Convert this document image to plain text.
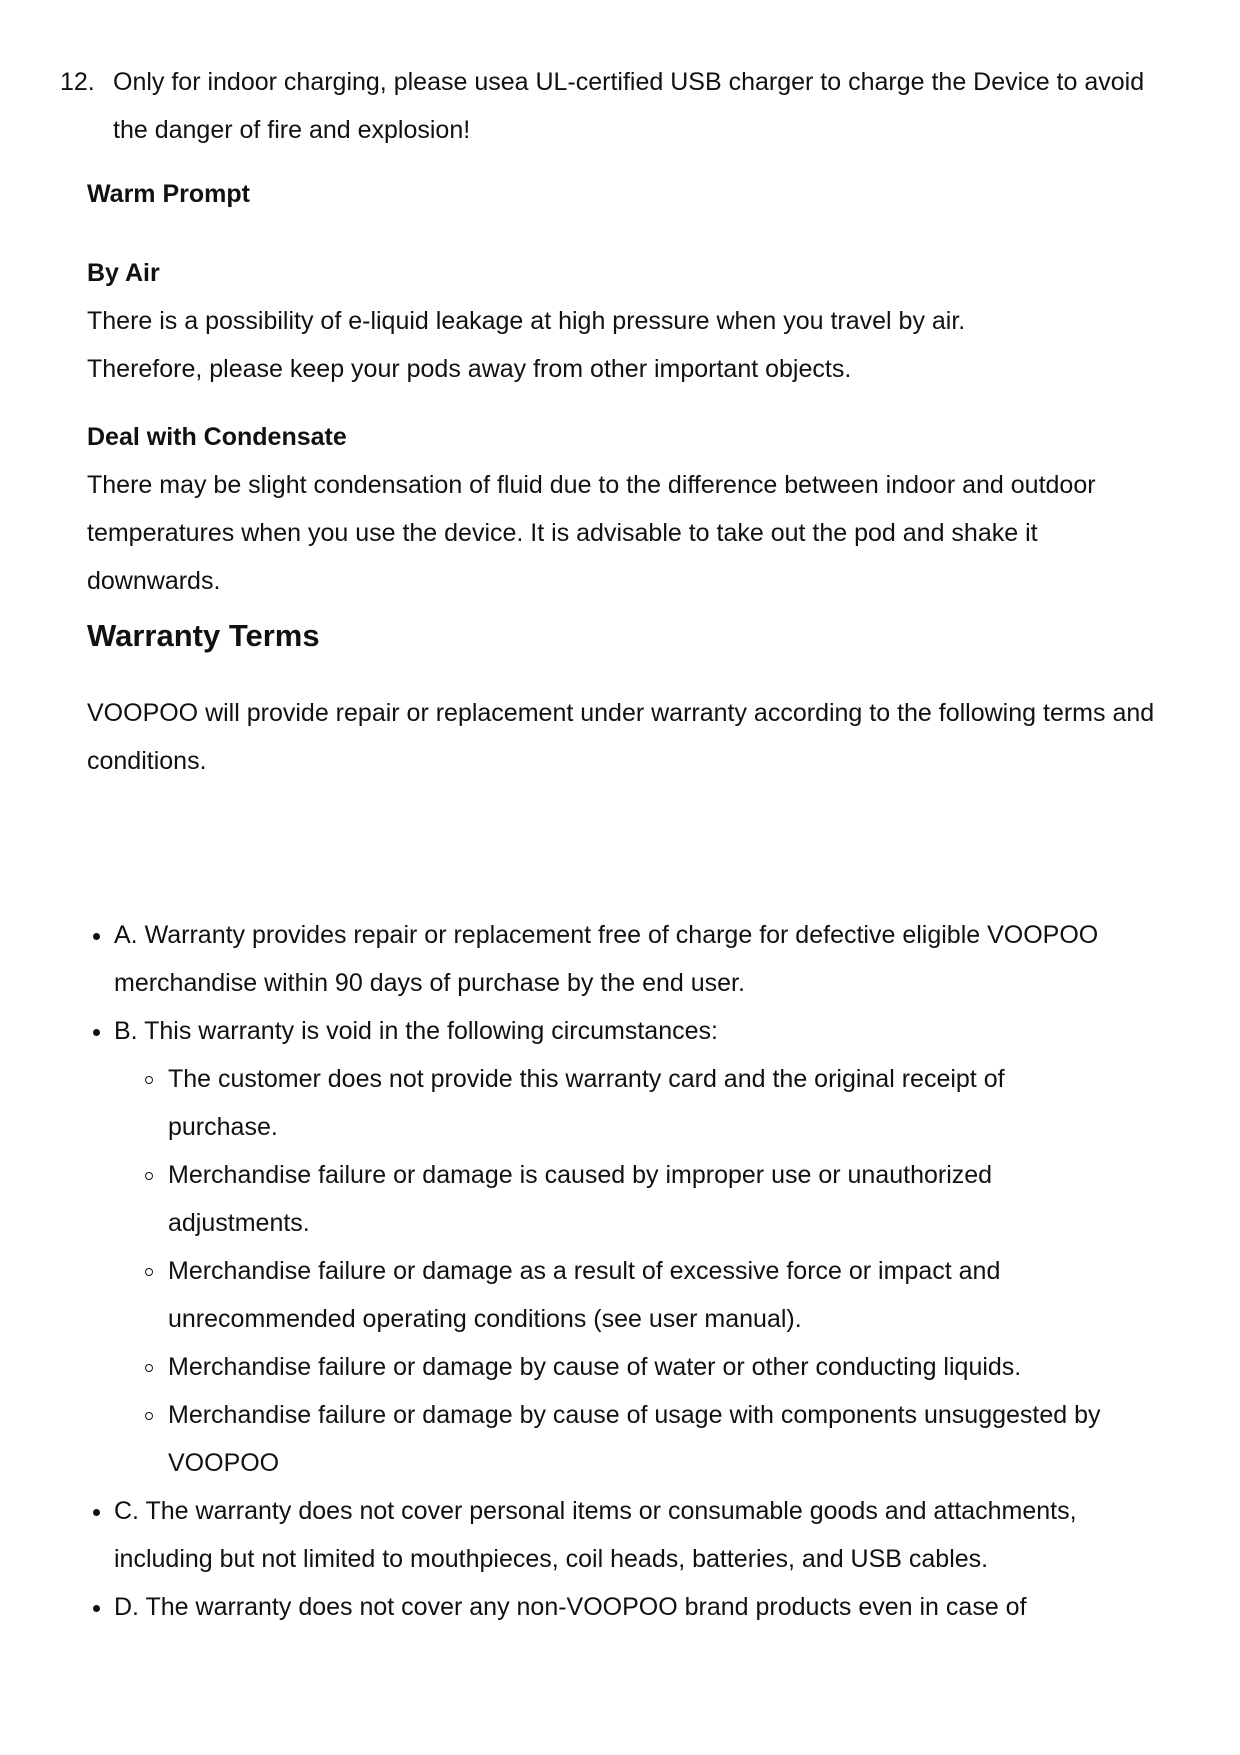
12. Only for indoor charging, please usea UL-certified USB charger to charge the Device to avoid the danger of fire and explosion!

Warm Prompt
By Air

There is a possibility of e-liquid leakage at high pressure when you travel by air. Therefore, please keep your pods away from other important objects.

Deal with Condensate

There may be slight condensation of fluid due to the difference between indoor and outdoor temperatures when you use the device. It is advisable to take out the pod and shake it downwards.

Warranty Terms

VOOPOO will provide repair or replacement under warranty according to the following terms and conditions.

A. Warranty provides repair or replacement free of charge for defective eligible VOOPOO merchandise within 90 days of purchase by the end user.
B. This warranty is void in the following circumstances:
The customer does not provide this warranty card and the original receipt of purchase.
Merchandise failure or damage is caused by improper use or unauthorized adjustments.
Merchandise failure or damage as a result of excessive force or impact and unrecommended operating conditions (see user manual).
Merchandise failure or damage by cause of water or other conducting liquids.
Merchandise failure or damage by cause of usage with components unsuggested by VOOPOO
C. The warranty does not cover personal items or consumable goods and attachments, including but not limited to mouthpieces, coil heads, batteries, and USB cables.
D. The warranty does not cover any non-VOOPOO brand products even in case of
